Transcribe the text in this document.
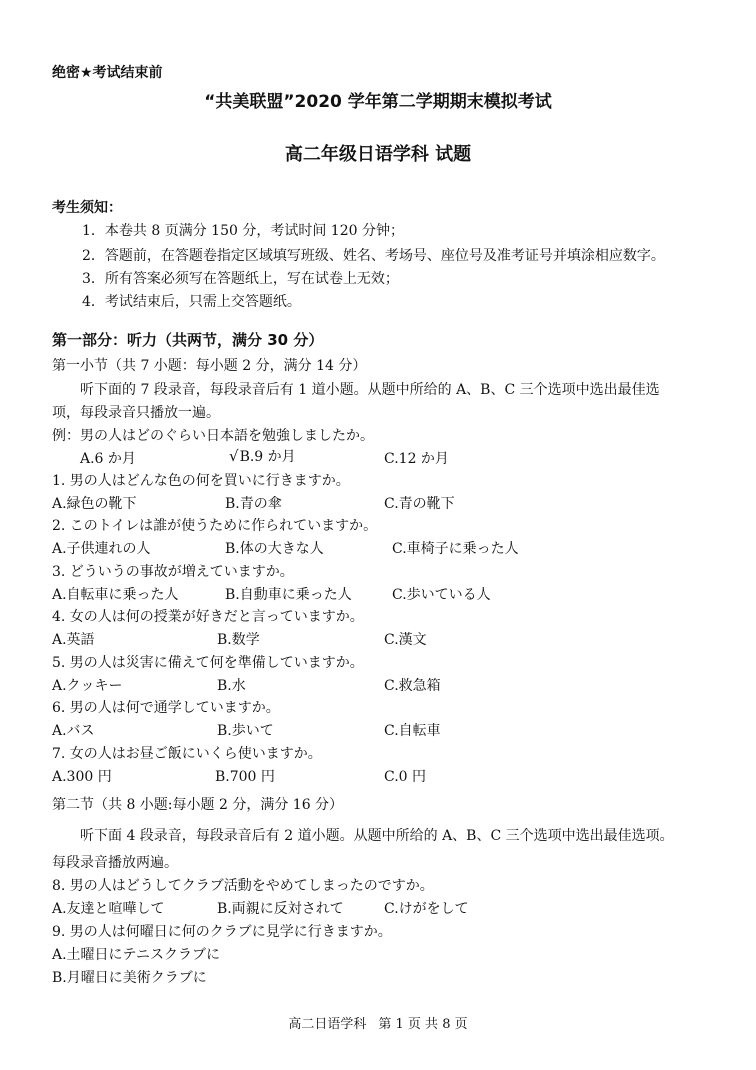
绝密★考试结束前
“共美联盟”2020 学年第二学期期末模拟考试
高二年级日语学科 试题
考生须知：
1．本卷共 8 页满分 150 分，考试时间 120 分钟；
2．答题前，在答题卷指定区域填写班级、姓名、考场号、座位号及准考证号并填涂相应数字。
3．所有答案必须写在答题纸上，写在试卷上无效；
4．考试结束后，只需上交答题纸。
第一部分：听力（共两节，满分 30 分）
第一小节（共 7 小题：每小题 2 分，满分 14 分）
听下面的 7 段录音，每段录音后有 1 道小题。从题中所给的 A、B、C 三个选项中选出最佳选
项，每段录音只播放一遍。
例：男の人はどのぐらい日本語を勉強しましたか。
A.6 か月	√B.9 か月	C.12 か月
1. 男の人はどんな色の何を買いに行きますか。
A.緑色の靴下	B.青の傘	C.青の靴下
2. このトイレは誰が使うために作られていますか。
A.子供連れの人	B.体の大きな人	C.車椅子に乗った人
3. どういうの事故が増えていますか。
A.自転車に乗った人	B.自動車に乗った人	C.歩いている人
4. 女の人は何の授業が好きだと言っていますか。
A.英語	B.数学	C.漢文
5. 男の人は災害に備えて何を準備していますか。
A.クッキー	B.水	C.救急箱
6. 男の人は何で通学していますか。
A.バス	B.歩いて	C.自転車
7. 女の人はお昼ご飯にいくら使いますか。
A.300 円	B.700 円	C.0 円
第二节（共 8 小题:每小题 2 分，满分 16 分）
听下面 4 段录音，每段录音后有 2 道小题。从题中所给的 A、B、C 三个选项中选出最佳选项。
每段录音播放两遍。
8. 男の人はどうしてクラブ活動をやめてしまったのですか。
A.友達と喧嘩して	B.両親に反対されて	C.けがをして
9. 男の人は何曜日に何のクラブに見学に行きますか。
A.土曜日にテニスクラブに
B.月曜日に美術クラブに
高二日语学科 第 1 页 共 8 页
